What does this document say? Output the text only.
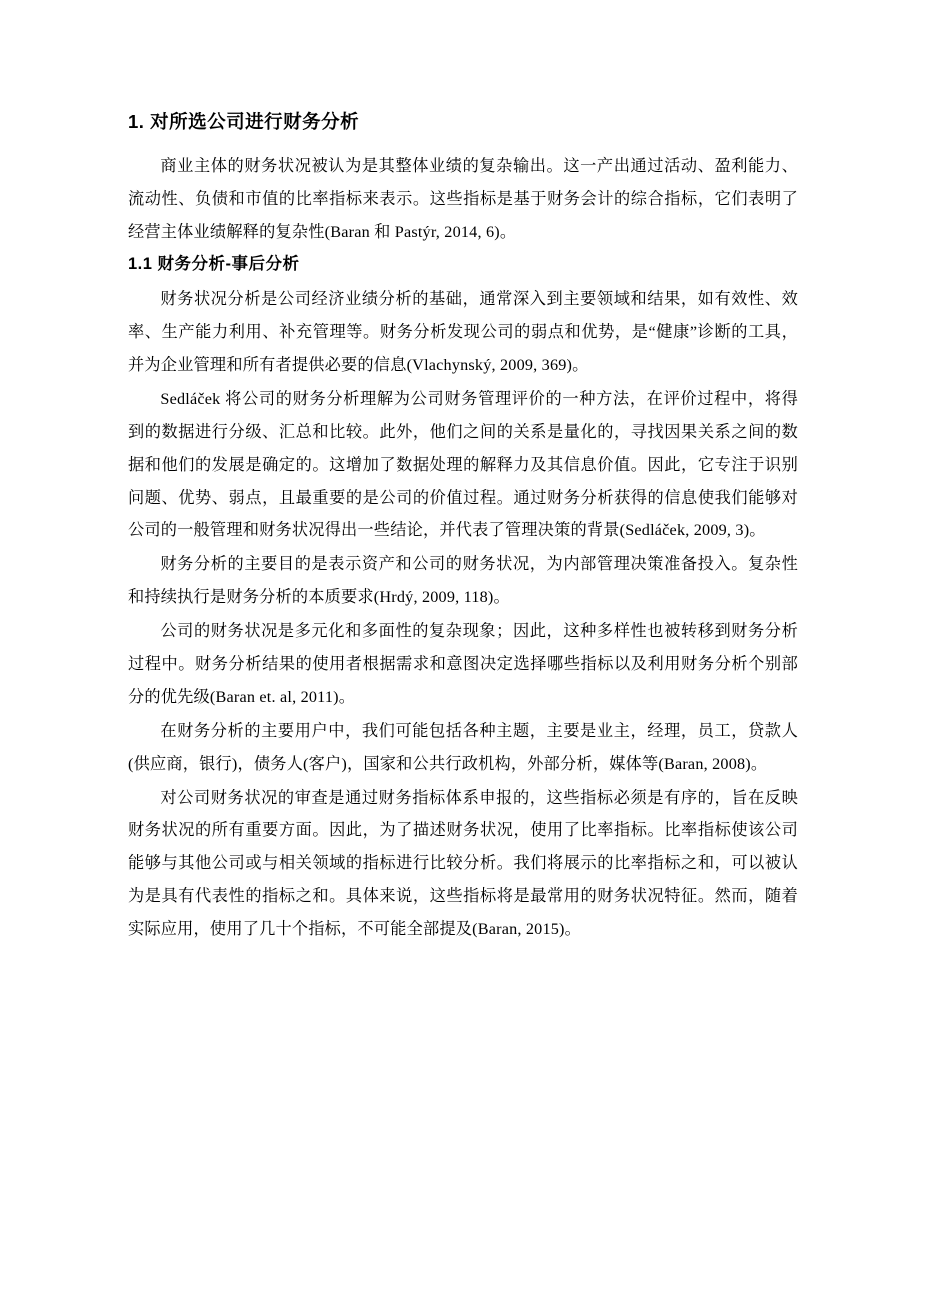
1. 对所选公司进行财务分析

商业主体的财务状况被认为是其整体业绩的复杂输出。这一产出通过活动、盈利能力、流动性、负债和市值的比率指标来表示。这些指标是基于财务会计的综合指标，它们表明了经营主体业绩解释的复杂性(Baran 和 Pastýr, 2014, 6)。

1.1 财务分析-事后分析

财务状况分析是公司经济业绩分析的基础，通常深入到主要领域和结果，如有效性、效率、生产能力利用、补充管理等。财务分析发现公司的弱点和优势，是“健康”诊断的工具，并为企业管理和所有者提供必要的信息(Vlachynský, 2009, 369)。

Sedláček 将公司的财务分析理解为公司财务管理评价的一种方法，在评价过程中，将得到的数据进行分级、汇总和比较。此外，他们之间的关系是量化的，寻找因果关系之间的数据和他们的发展是确定的。这增加了数据处理的解释力及其信息价值。因此，它专注于识别问题、优势、弱点，且最重要的是公司的价值过程。通过财务分析获得的信息使我们能够对公司的一般管理和财务状况得出一些结论，并代表了管理决策的背景(Sedláček, 2009, 3)。

财务分析的主要目的是表示资产和公司的财务状况，为内部管理决策准备投入。复杂性和持续执行是财务分析的本质要求(Hrdý, 2009, 118)。

公司的财务状况是多元化和多面性的复杂现象；因此，这种多样性也被转移到财务分析过程中。财务分析结果的使用者根据需求和意图决定选择哪些指标以及利用财务分析个别部分的优先级(Baran et. al, 2011)。

在财务分析的主要用户中，我们可能包括各种主题，主要是业主，经理，员工，贷款人(供应商，银行)，债务人(客户)，国家和公共行政机构，外部分析，媒体等(Baran, 2008)。

对公司财务状况的审查是通过财务指标体系申报的，这些指标必须是有序的，旨在反映财务状况的所有重要方面。因此，为了描述财务状况，使用了比率指标。比率指标使该公司能够与其他公司或与相关领域的指标进行比较分析。我们将展示的比率指标之和，可以被认为是具有代表性的指标之和。具体来说，这些指标将是最常用的财务状况特征。然而，随着实际应用，使用了几十个指标，不可能全部提及(Baran, 2015)。
